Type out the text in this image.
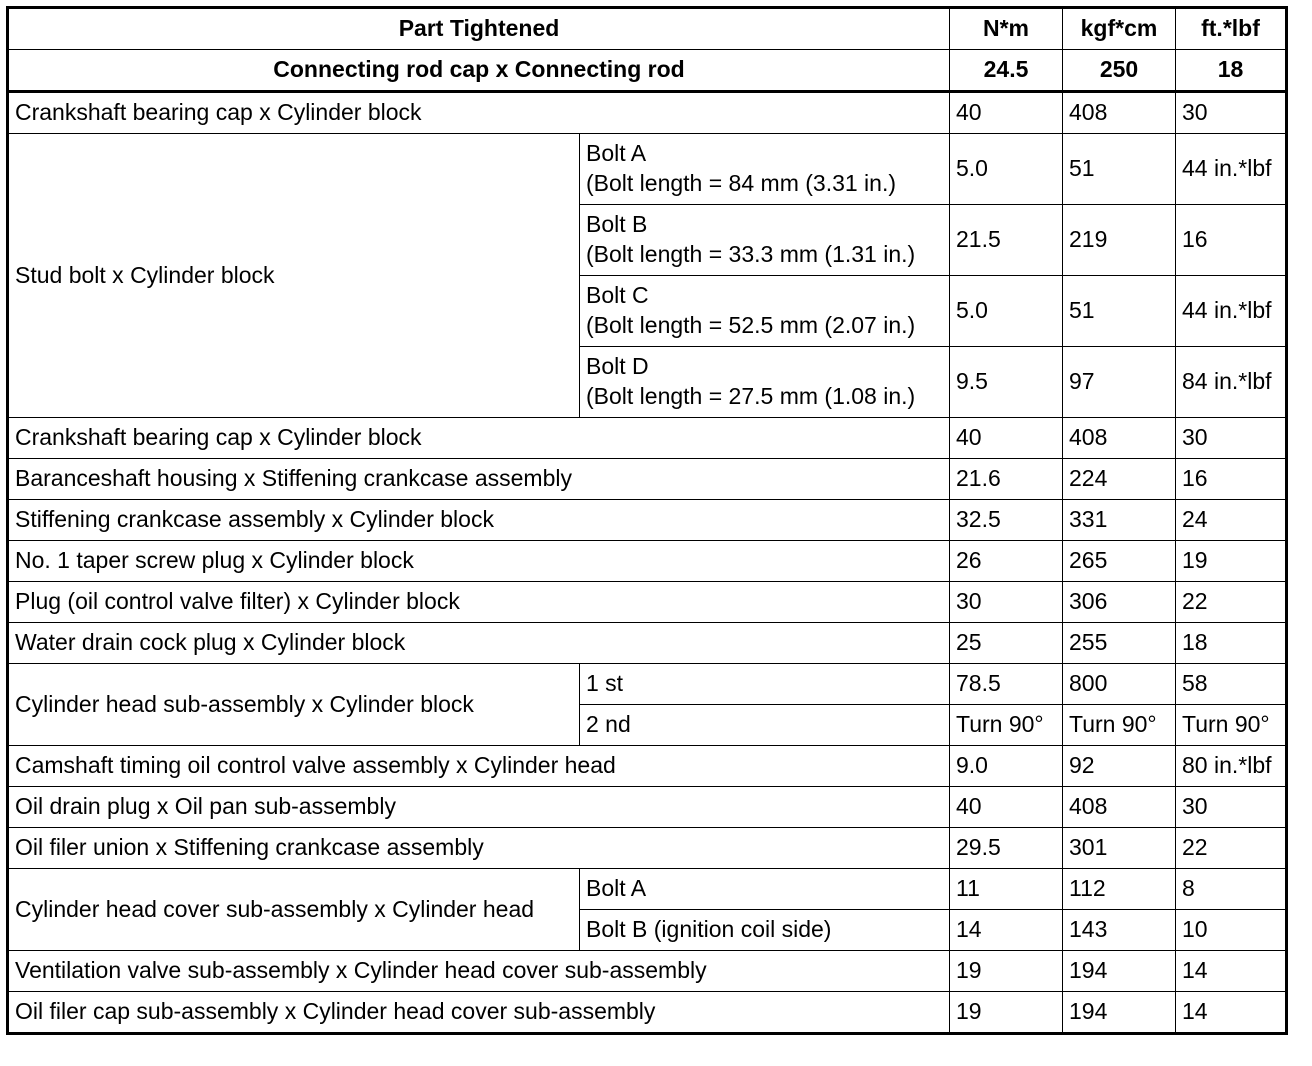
Part Tightened		N*m	kgf*cm	ft.*lbf
Connecting rod cap x Connecting rod		24.5	250	18
Crankshaft bearing cap x Cylinder block		40	408	30
Stud bolt x Cylinder block	Bolt A
(Bolt length = 84 mm (3.31 in.)	5.0	51	44 in.*lbf

	Bolt B
(Bolt length = 33.3 mm (1.31 in.)	21.5	219	16

	Bolt C
(Bolt length = 52.5 mm (2.07 in.)	5.0	51	44 in.*lbf

	Bolt D
(Bolt length = 27.5 mm (1.08 in.)	9.5	97	84 in.*lbf
Crankshaft bearing cap x Cylinder block		40	408	30
Baranceshaft housing x Stiffening crankcase assembly		21.6	224	16
Stiffening crankcase assembly x Cylinder block		32.5	331	24
No. 1 taper screw plug x Cylinder block		26	265	19
Plug (oil control valve filter) x Cylinder block		30	306	22
Water drain cock plug x Cylinder block		25	255	18
Cylinder head sub-assembly x Cylinder block	1 st	78.5	800	58
	2 nd	Turn 90°	Turn 90°	Turn 90°
Camshaft timing oil control valve assembly x Cylinder head		9.0	92	80 in.*lbf
Oil drain plug x Oil pan sub-assembly		40	408	30
Oil filer union x Stiffening crankcase assembly		29.5	301	22
Cylinder head cover sub-assembly x Cylinder head	Bolt A	11	112	8
	Bolt B (ignition coil side)	14	143	10
Ventilation valve sub-assembly x Cylinder head cover sub-assembly		19	194	14
Oil filer cap sub-assembly x Cylinder head cover sub-assembly		19	194	14
